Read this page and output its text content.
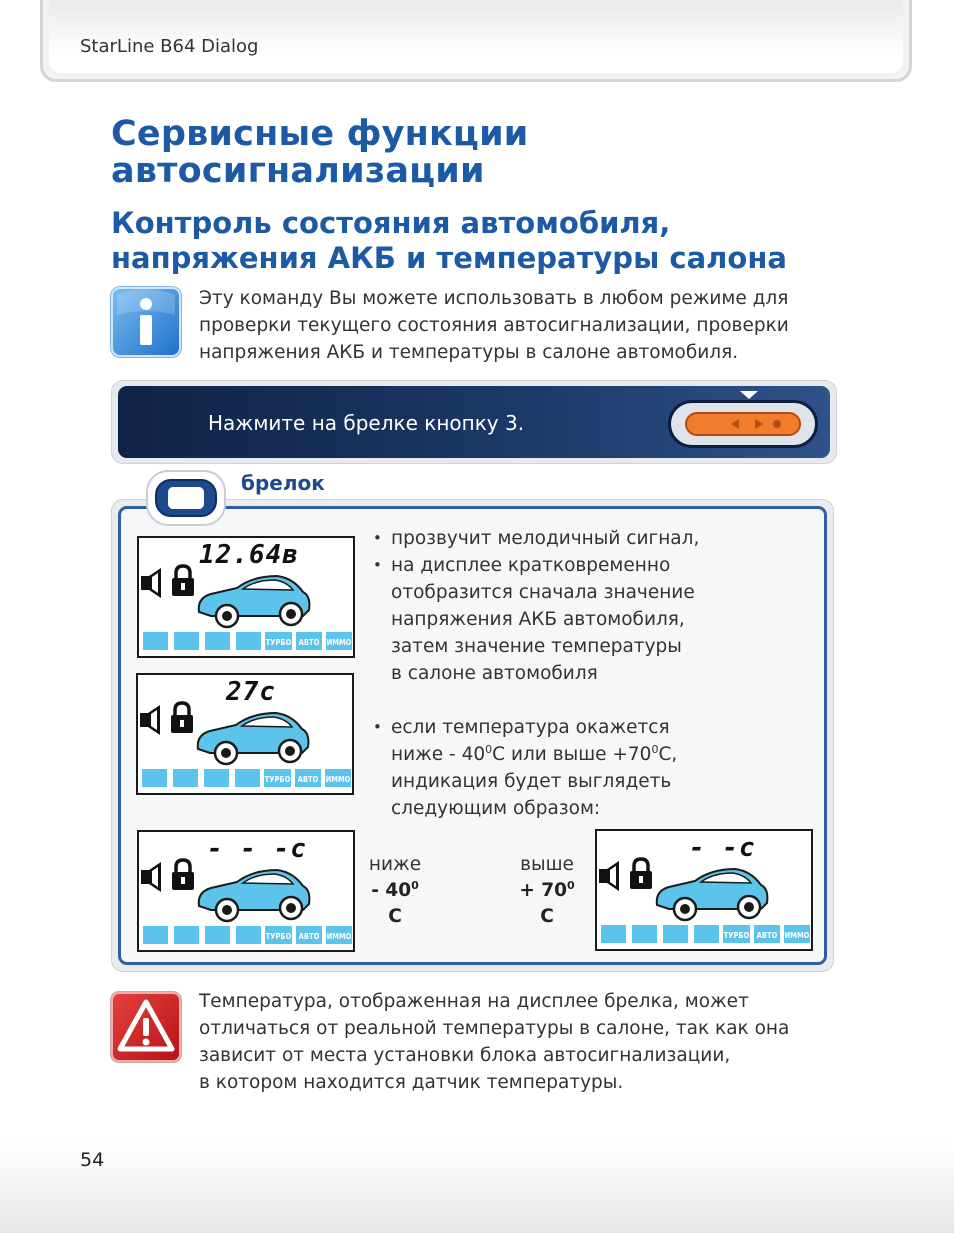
StarLine B64 Dialog
Сервисные функции
автосигнализации
Контроль состояния автомобиля,
напряжения АКБ и температуры салона
Эту команду Вы можете использовать в любом режиме для
проверки текущего состояния автосигнализации, проверки
напряжения АКБ и температуры в салоне автомобиля.
Нажмите на брелке кнопку 3.
брелок
ТУРБО АВТО ИММО
12.64в
ТУРБО АВТО ИММО
27с
ТУРБО АВТО ИММО
- - -с
ТУРБО АВТО ИММО
- -с
• прозвучит мелодичный сигнал,
• на дисплее кратковременно
отобразится сначала значение
напряжения АКБ автомобиля,
затем значение температуры
в салоне автомобиля
• если температура окажется
ниже - $40^0С$ или выше $+70^0С$,
индикация будет выглядеть
следующим образом:
ниже
- $40^0$ С
выше
+ $70^0$ С
Температура, отображенная на дисплее брелка, может
отличаться от реальной температуры в салоне, так как она
зависит от места установки блока автосигнализации,
в котором находится датчик температуры.
54
